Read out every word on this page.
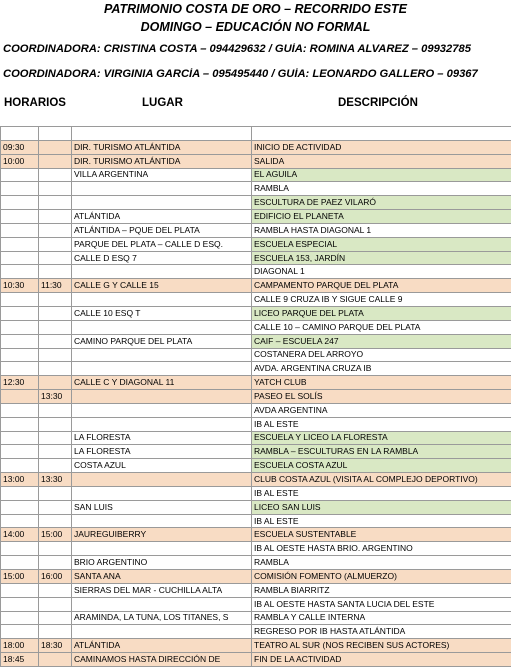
PATRIMONIO COSTA DE ORO – RECORRIDO ESTE
DOMINGO – EDUCACIÓN NO FORMAL
COORDINADORA: CRISTINA COSTA – 094429632 / GUÍA: ROMINA ALVAREZ – 09932785
COORDINADORA: VIRGINIA GARCÍA – 095495440 / GUÍA: LEONARDO GALLERO – 09367
HORARIOS	LUGAR	DESCRIPCIÓN

09:30		DIR. TURISMO ATLÁNTIDA	INICIO DE ACTIVIDAD
10:00		DIR. TURISMO ATLÁNTIDA	SALIDA
		VILLA ARGENTINA	EL AGUILA
			RAMBLA
			ESCULTURA DE PAEZ VILARÓ
		ATLÁNTIDA	EDIFICIO EL PLANETA
		ATLÁNTIDA – PQUE DEL PLATA	RAMBLA HASTA DIAGONAL 1
		PARQUE DEL PLATA – CALLE D ESQ.	ESCUELA ESPECIAL
		CALLE D ESQ 7	ESCUELA 153, JARDÍN
			DIAGONAL 1
10:30	11:30	CALLE G Y CALLE 15	CAMPAMENTO PARQUE DEL PLATA
			CALLE 9 CRUZA IB Y SIGUE CALLE 9
		CALLE 10 ESQ T	LICEO PARQUE DEL PLATA
			CALLE 10 – CAMINO PARQUE DEL PLATA
		CAMINO PARQUE DEL PLATA	CAIF – ESCUELA 247
			COSTANERA DEL ARROYO
			AVDA. ARGENTINA CRUZA IB
12:30		CALLE C Y DIAGONAL 11	YATCH CLUB
	13:30		PASEO EL SOLÍS
			AVDA ARGENTINA
			IB AL ESTE
		LA FLORESTA	ESCUELA Y LICEO LA FLORESTA
		LA FLORESTA	RAMBLA – ESCULTURAS EN LA RAMBLA
		COSTA AZUL	ESCUELA COSTA AZUL
13:00	13:30		CLUB COSTA AZUL (VISITA AL COMPLEJO DEPORTIVO)
			IB AL ESTE
		SAN LUIS	LICEO SAN LUIS
			IB AL ESTE
14:00	15:00	JAUREGUIBERRY	ESCUELA SUSTENTABLE
			IB AL OESTE HASTA BRIO. ARGENTINO
		BRIO ARGENTINO	RAMBLA
15:00	16:00	SANTA ANA	COMISIÓN FOMENTO (ALMUERZO)
		SIERRAS DEL MAR - CUCHILLA ALTA	RAMBLA BIARRITZ
			IB AL OESTE HASTA SANTA LUCIA DEL ESTE
		ARAMINDA, LA TUNA, LOS TITANES, S	RAMBLA Y CALLE INTERNA
			REGRESO POR IB HASTA ATLÁNTIDA
18:00	18:30	ATLÁNTIDA	TEATRO AL SUR (NOS RECIBEN SUS ACTORES)
18:45		CAMINAMOS HASTA DIRECCIÓN DE	FIN DE LA ACTIVIDAD
